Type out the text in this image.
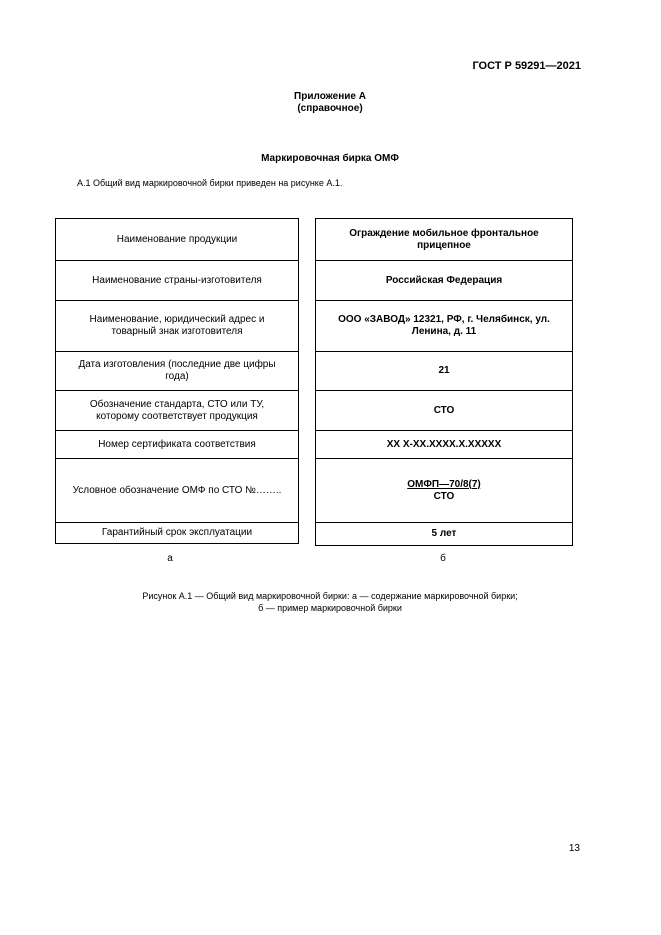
ГОСТ Р 59291—2021
Приложение А
(справочное)
Маркировочная бирка ОМФ
А.1 Общий вид маркировочной бирки приведен на рисунке А.1.
Наименование продукции
Наименование страны-изготовителя
Наименование, юридический адрес и товарный знак изготовителя
Дата изготовления (последние две цифры года)
Обозначение стандарта, СТО или ТУ, которому соответствует продукция
Номер сертификата соответствия
Условное обозначение ОМФ по СТО №……..
Гарантийный срок эксплуатации
Ограждение мобильное фронтальное прицепное
Российская Федерация
ООО «ЗАВОД» 12321, РФ, г. Челябинск, ул. Ленина, д. 11
21
СТО
ХХ Х-ХХ.ХХХХ.Х.ХХХХХ
ОМФП—70/8(7)
СТО
5 лет
а	б
Рисунок А.1 — Общий вид маркировочной бирки: а — содержание маркировочной бирки;
б — пример маркировочной бирки
13
